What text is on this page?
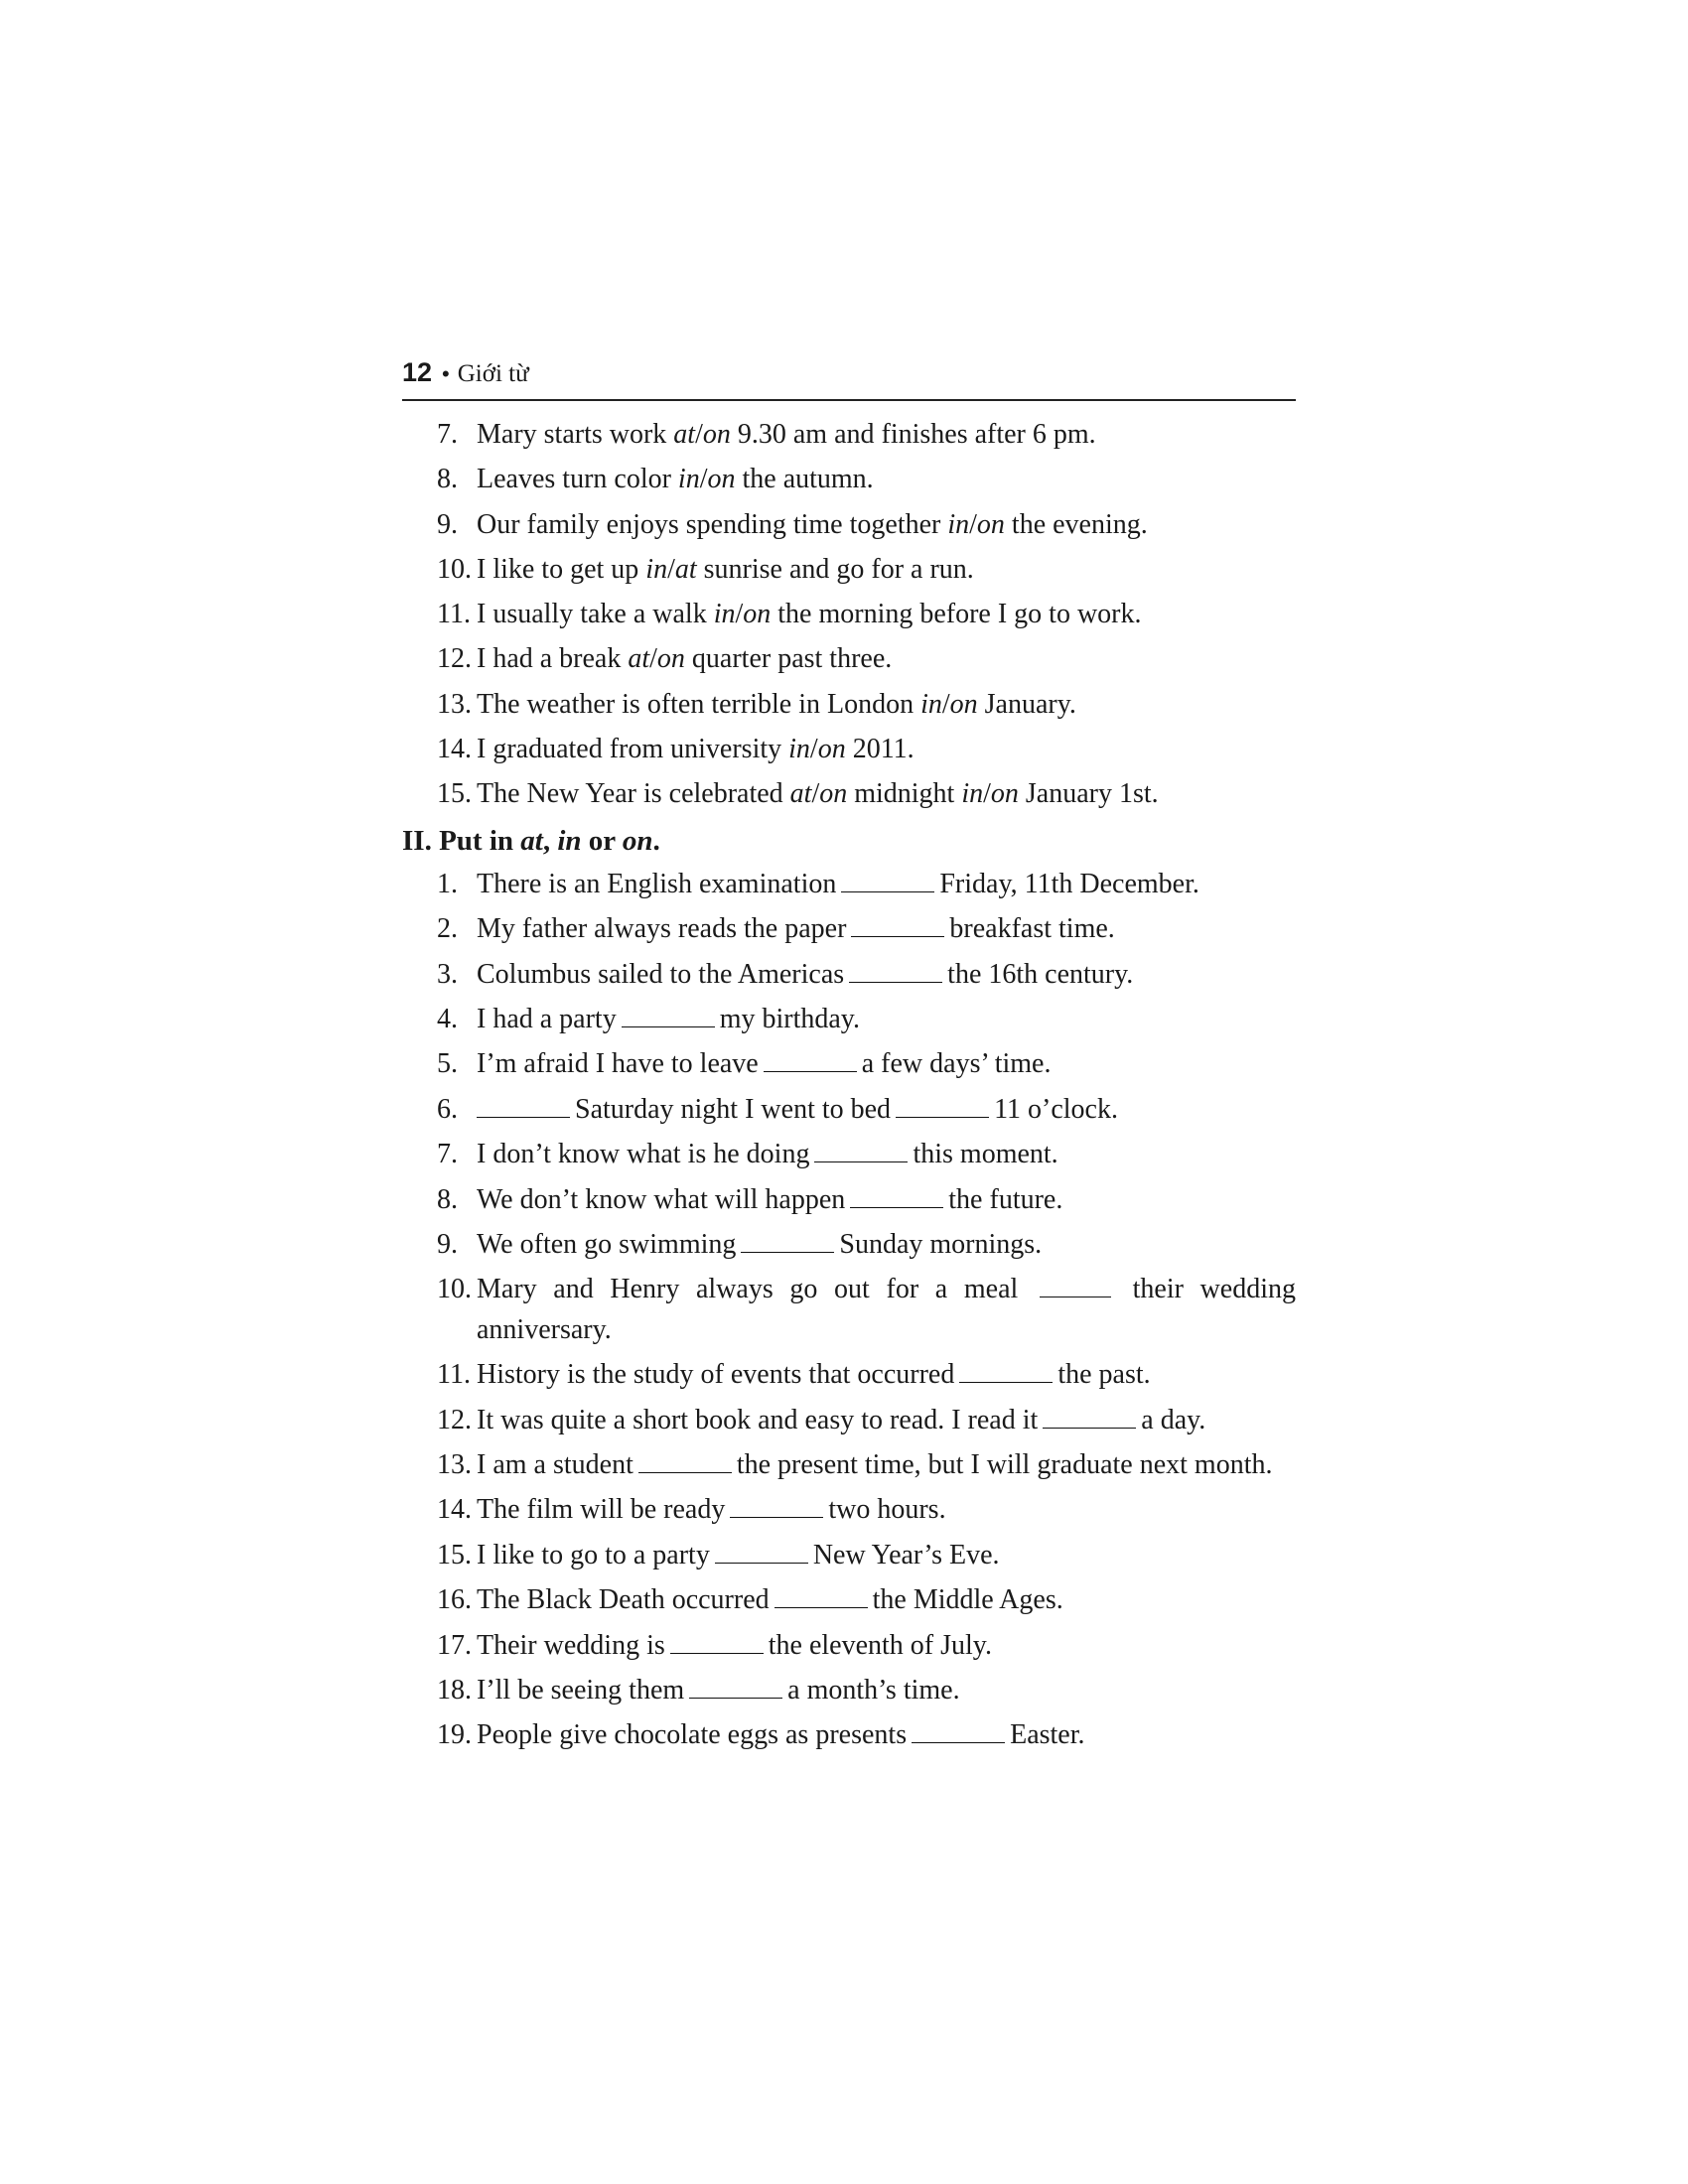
12 • Giới từ
7. Mary starts work at/on 9.30 am and finishes after 6 pm.
8. Leaves turn color in/on the autumn.
9. Our family enjoys spending time together in/on the evening.
10. I like to get up in/at sunrise and go for a run.
11. I usually take a walk in/on the morning before I go to work.
12. I had a break at/on quarter past three.
13. The weather is often terrible in London in/on January.
14. I graduated from university in/on 2011.
15. The New Year is celebrated at/on midnight in/on January 1st.
II. Put in at, in or on.
1. There is an English examination	Friday, 11th December.
2. My father always reads the paper	breakfast time.
3. Columbus sailed to the Americas	the 16th century.
4. I had a party	my birthday.
5. I’m afraid I have to leave	a few days’ time.
6.	Saturday night I went to bed	11 o’clock.
7. I don’t know what is he doing	this moment.
8. We don’t know what will happen	the future.
9. We often go swimming	Sunday mornings.
10. Mary and Henry always go out for a meal	their wedding anniversary.
11. History is the study of events that occurred	the past.
12. It was quite a short book and easy to read. I read it	a day.
13. I am a student	the present time, but I will graduate next month.
14. The film will be ready	two hours.
15. I like to go to a party	New Year’s Eve.
16. The Black Death occurred	the Middle Ages.
17. Their wedding is	the eleventh of July.
18. I’ll be seeing them	a month’s time.
19. People give chocolate eggs as presents	Easter.
